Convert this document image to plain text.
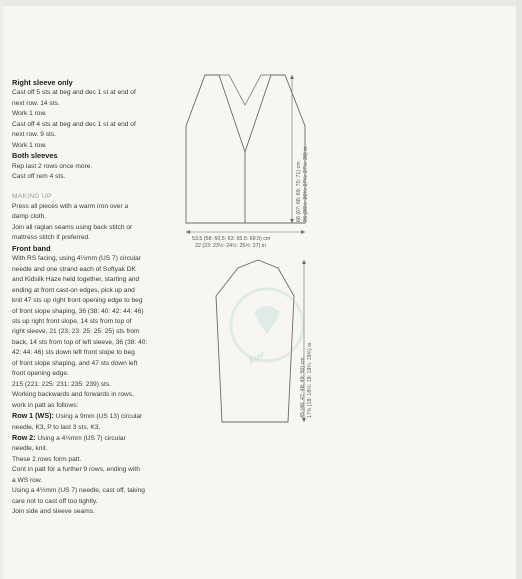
Right sleeve only

Cast off 5 sts at beg and dec 1 st at end of

next row. 14 sts.

Work 1 row.

Cast off 4 sts at beg and dec 1 st at end of

next row. 9 sts.

Work 1 row.

Both sleeves

Rep last 2 rows once more.

Cast off rem 4 sts.

MAKING UP

Press all pieces with a warm iron over a

damp cloth.

Join all raglan seams using back stitch or

mattress stitch if preferred.

Front band

With RS facing, using 4½mm (US 7) circular

needle and one strand each of Softyak DK

and Kidsilk Haze held together, starting and

ending at front cast-on edges, pick up and

knit 47 sts up right front opening edge to beg

of front slope shaping, 36 (38: 40: 42: 44: 46)

sts up right front slope, 14 sts from top of

right sleeve, 21 (23: 23: 25: 25: 25) sts from

back, 14 sts from top of left sleeve, 36 (38: 40:

42: 44: 46) sts down left front slope to beg

of front slope shaping, and 47 sts down left

front opening edge.

215 (221: 225: 231: 235: 239) sts.

Working backwards and forwards in rows,

work in patt as follows:

Row 1 (WS): Using a 9mm (US 13) circular

needle, K3, P to last 3 sts, K3.

Row 2: Using a 4½mm (US 7) circular

needle, knit.

These 2 rows form patt.

Cont in patt for a further 9 rows, ending with

a WS row.

Using a 4½mm (US 7) needle, cast off, taking

care not to cast off too tightly.

Join side and sleeve seams.

53.5 (58: 60.5: 63: 65.5: 69.5) cm
22 (23: 23½: 24½: 25½: 27) in
66 (67: 68: 69: 70: 71) cm 26 (26½: 26¾: 27¼: 27½: 28) in
45 (46: 47: 48: 49: 50) cm 17¾ (18: 18½: 19: 19¼: 19¾) in
Kate
